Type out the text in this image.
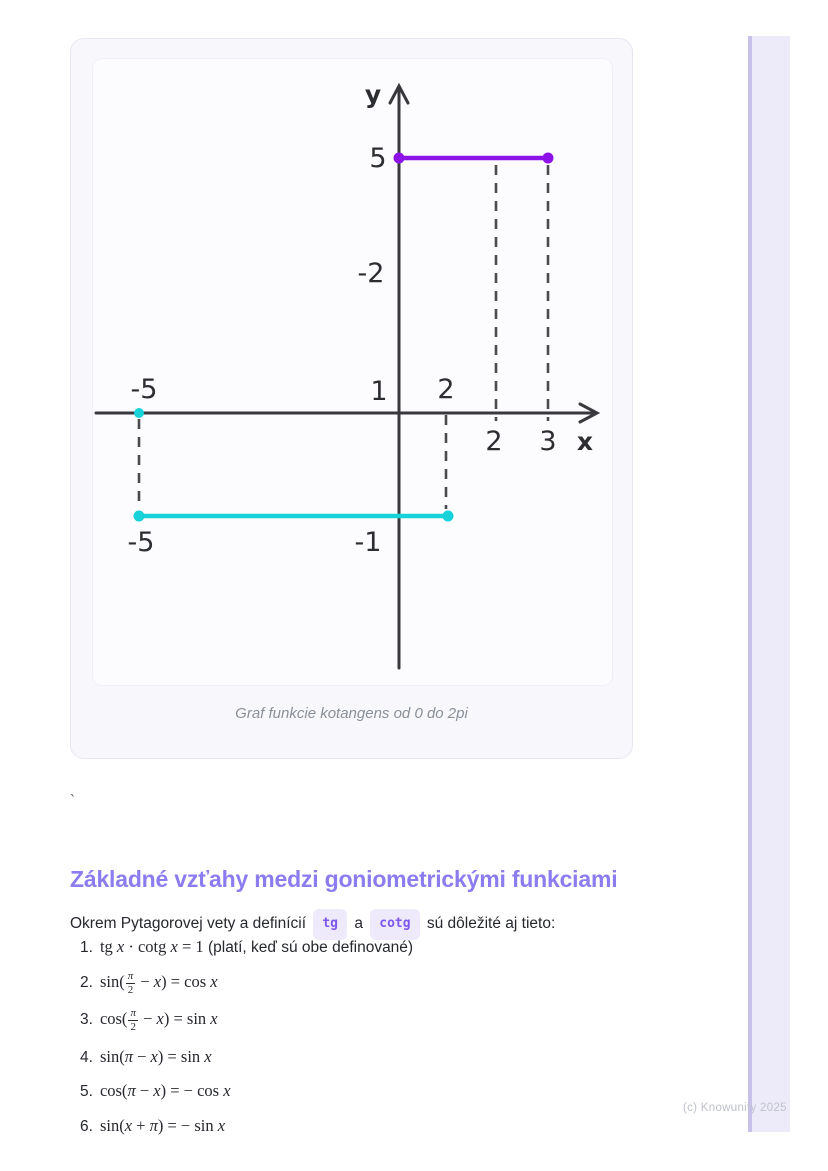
y
5
-2
-5	1 2
2 3 x
-5	-1
Graf funkcie kotangens od 0 do 2pi
`
Základné vzťahy medzi goniometrickými funkciami

Okrem Pytagorovej vety a definícií tg a cotg sú dôležité aj tieto:

1. tg x · cotg x = 1 (platí, keď sú obe definované)
2. $\sin( \frac{\pi}{2} - x) = \cos x$
3. $\cos( \frac{\pi}{2} - x) = \sin x$
4. sin(π − x) = sin x
5. cos(π − x) = − cos x
6. sin(x + π) = − sin x
(c) Knowunity 2025
